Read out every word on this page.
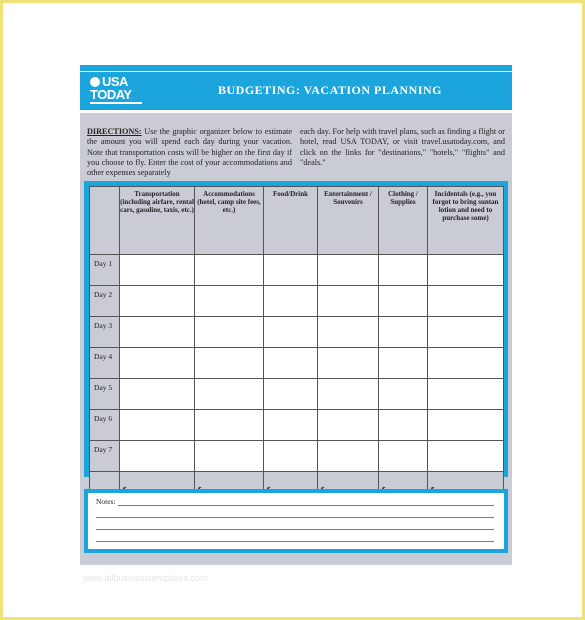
USA
TODAY	BUDGETING: VACATION PLANNING
DIRECTIONS: Use the graphic organizer below to estimate the amount you will spend each day during your vacation. Note that transportation costs will be higher on the first day if you choose to fly. Enter the cost of your accommodations and other expenses separately
each day. For help with travel plans, such as finding a flight or hotel, read USA TODAY, or visit travel.usatoday.com, and click on the links for "destinations," "hotels," "flights" and "deals."
	Transportation (including airfare, rental cars, gasoline, taxis, etc.)	Accommodations (hotel, camp site fees, etc.)	Food/Drink	Entertainment / Souvenirs	Clothing / Supplies	Incidentals (e.g., you forgot to bring suntan lotion and need to purchase some)
Day 1						
Day 2						
Day 3						
Day 4						
Day 5						
Day 6						
Day 7						

Notes:
www.allbusinesstemplates.com
